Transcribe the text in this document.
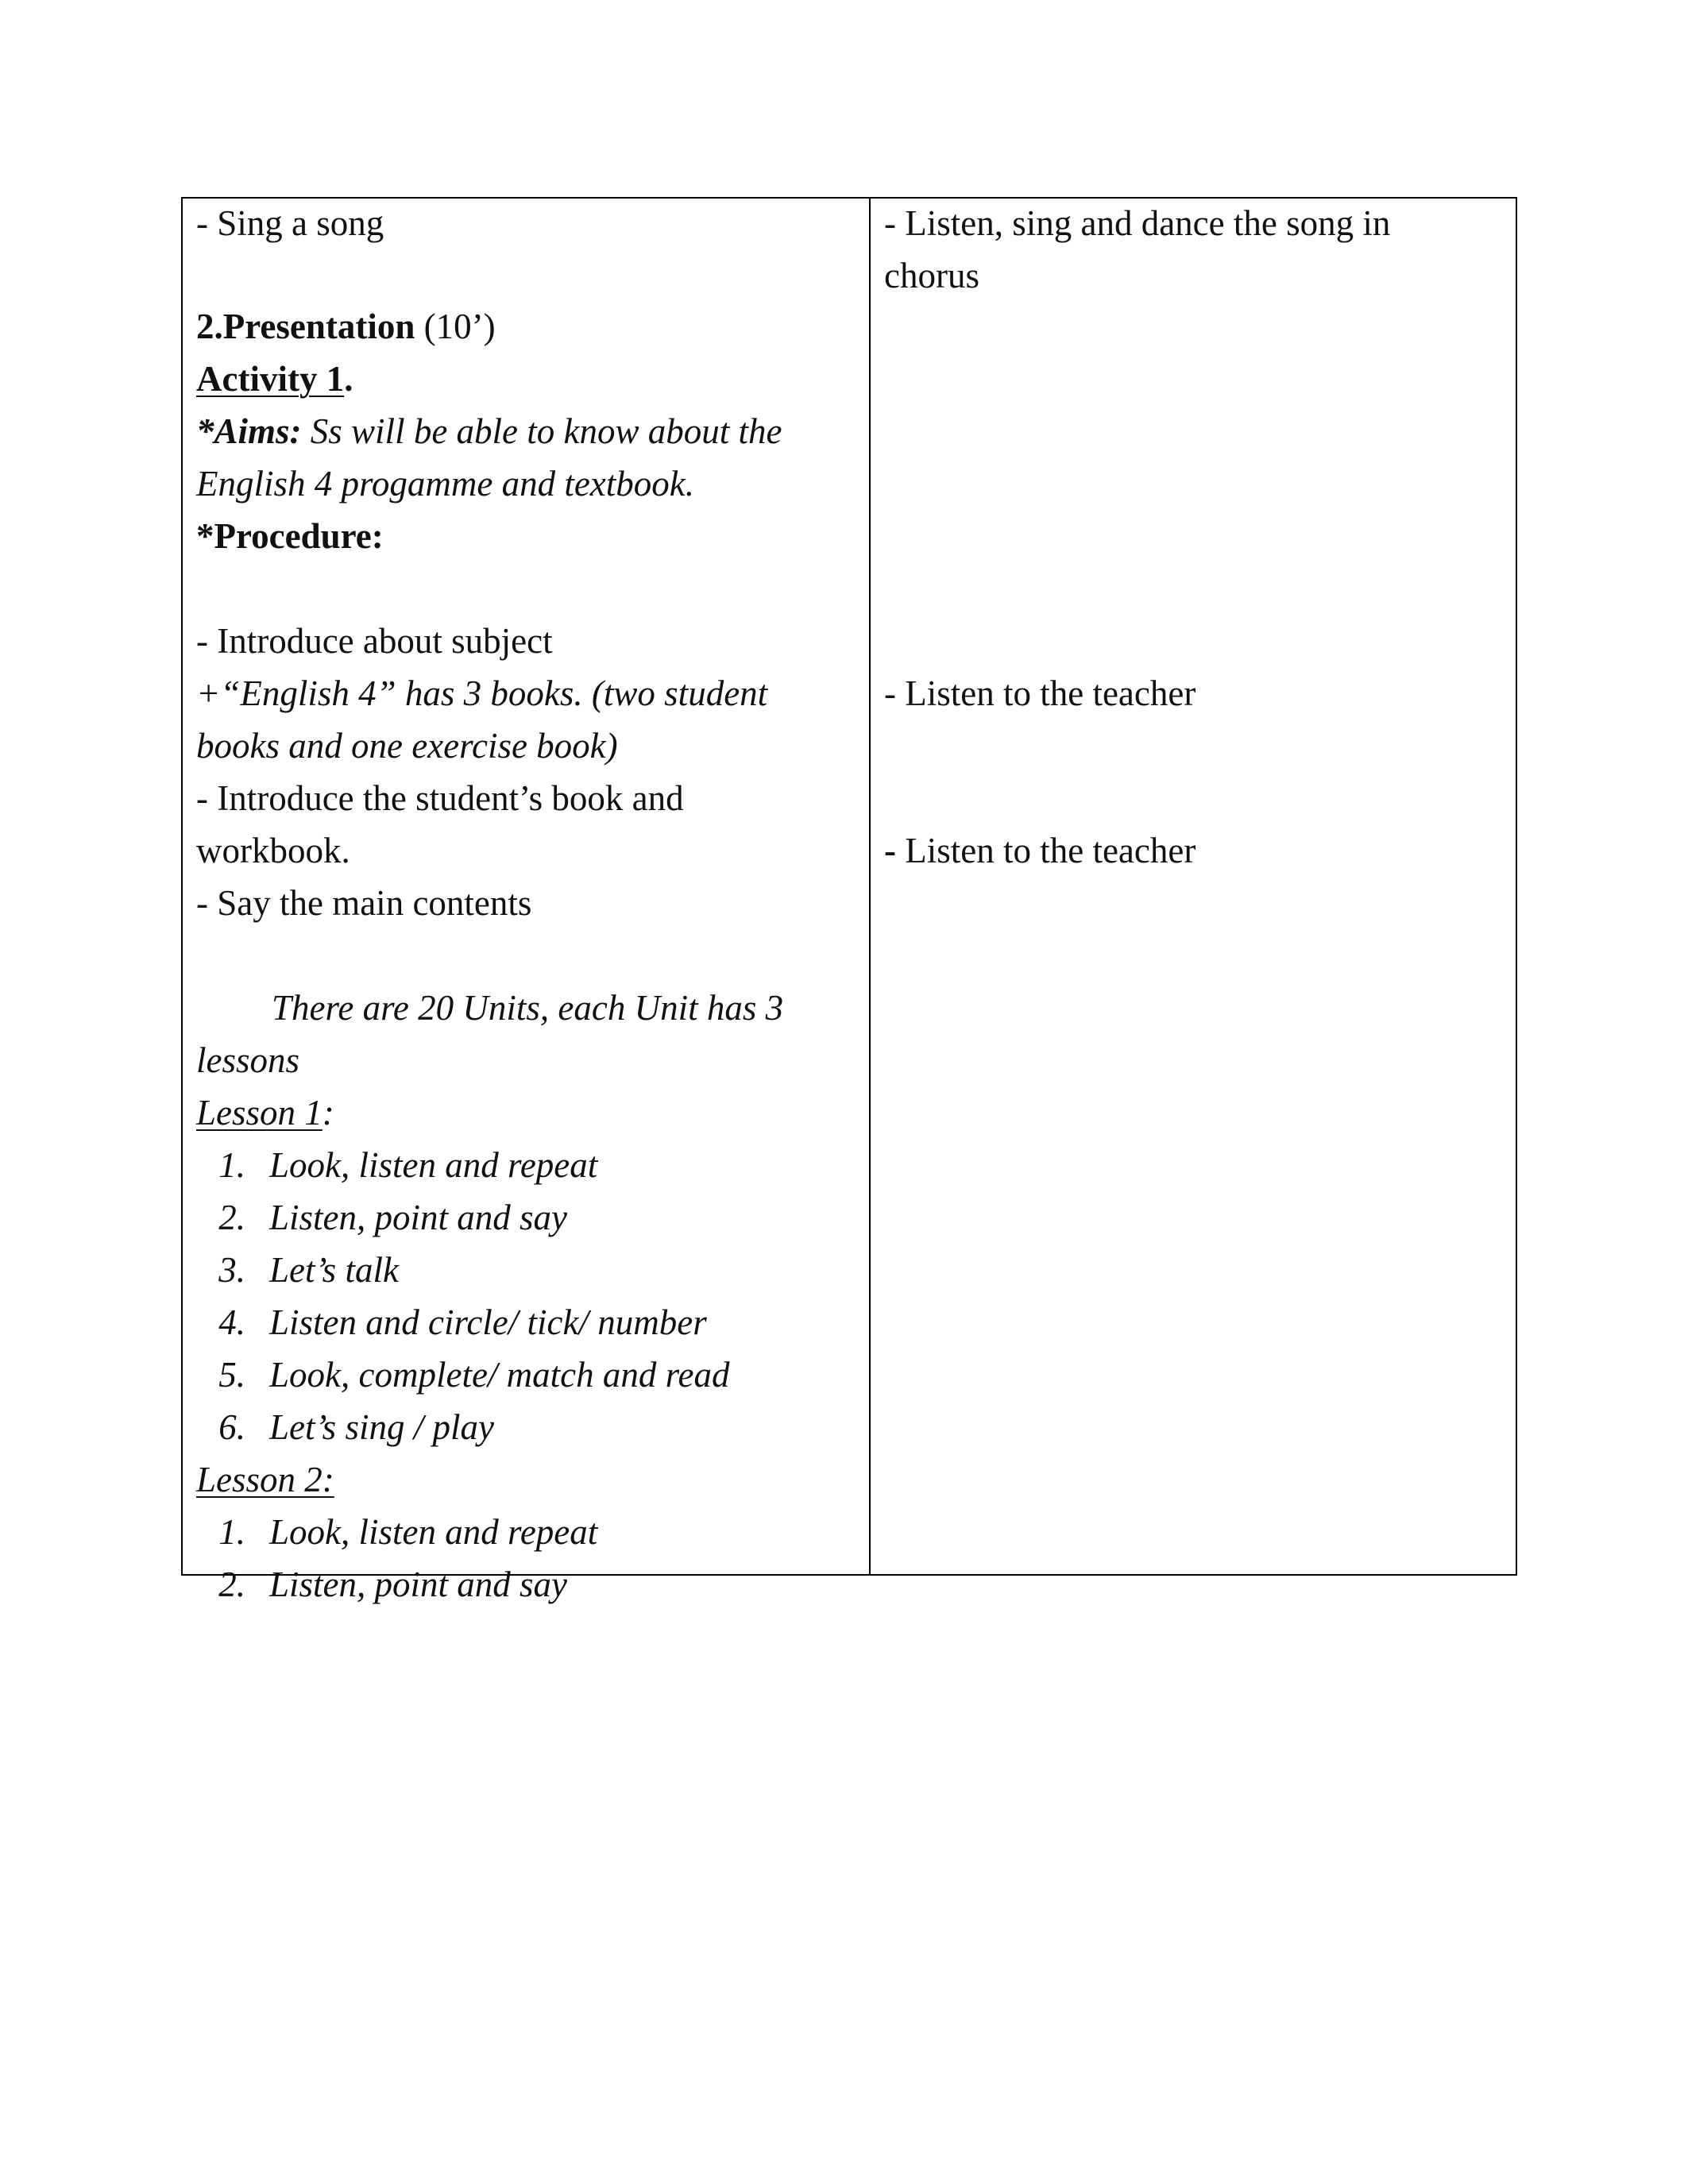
- Sing a song
2.Presentation (10’)
Activity 1.
*Aims: Ss will be able to know about the
English 4 progamme and textbook.
*Procedure:
- Introduce about subject
+“English 4” has 3 books. (two student
books and one exercise book)
- Introduce the student’s book and
workbook.
- Say the main contents
There are 20 Units, each Unit has 3
lessons
Lesson 1:
1. Look, listen and repeat
2. Listen, point and say
3. Let’s talk
4. Listen and circle/ tick/ number
5. Look, complete/ match and read
6. Let’s sing / play
Lesson 2:
1. Look, listen and repeat
2. Listen, point and say
- Listen, sing and dance the song in
chorus
- Listen to the teacher
- Listen to the teacher
